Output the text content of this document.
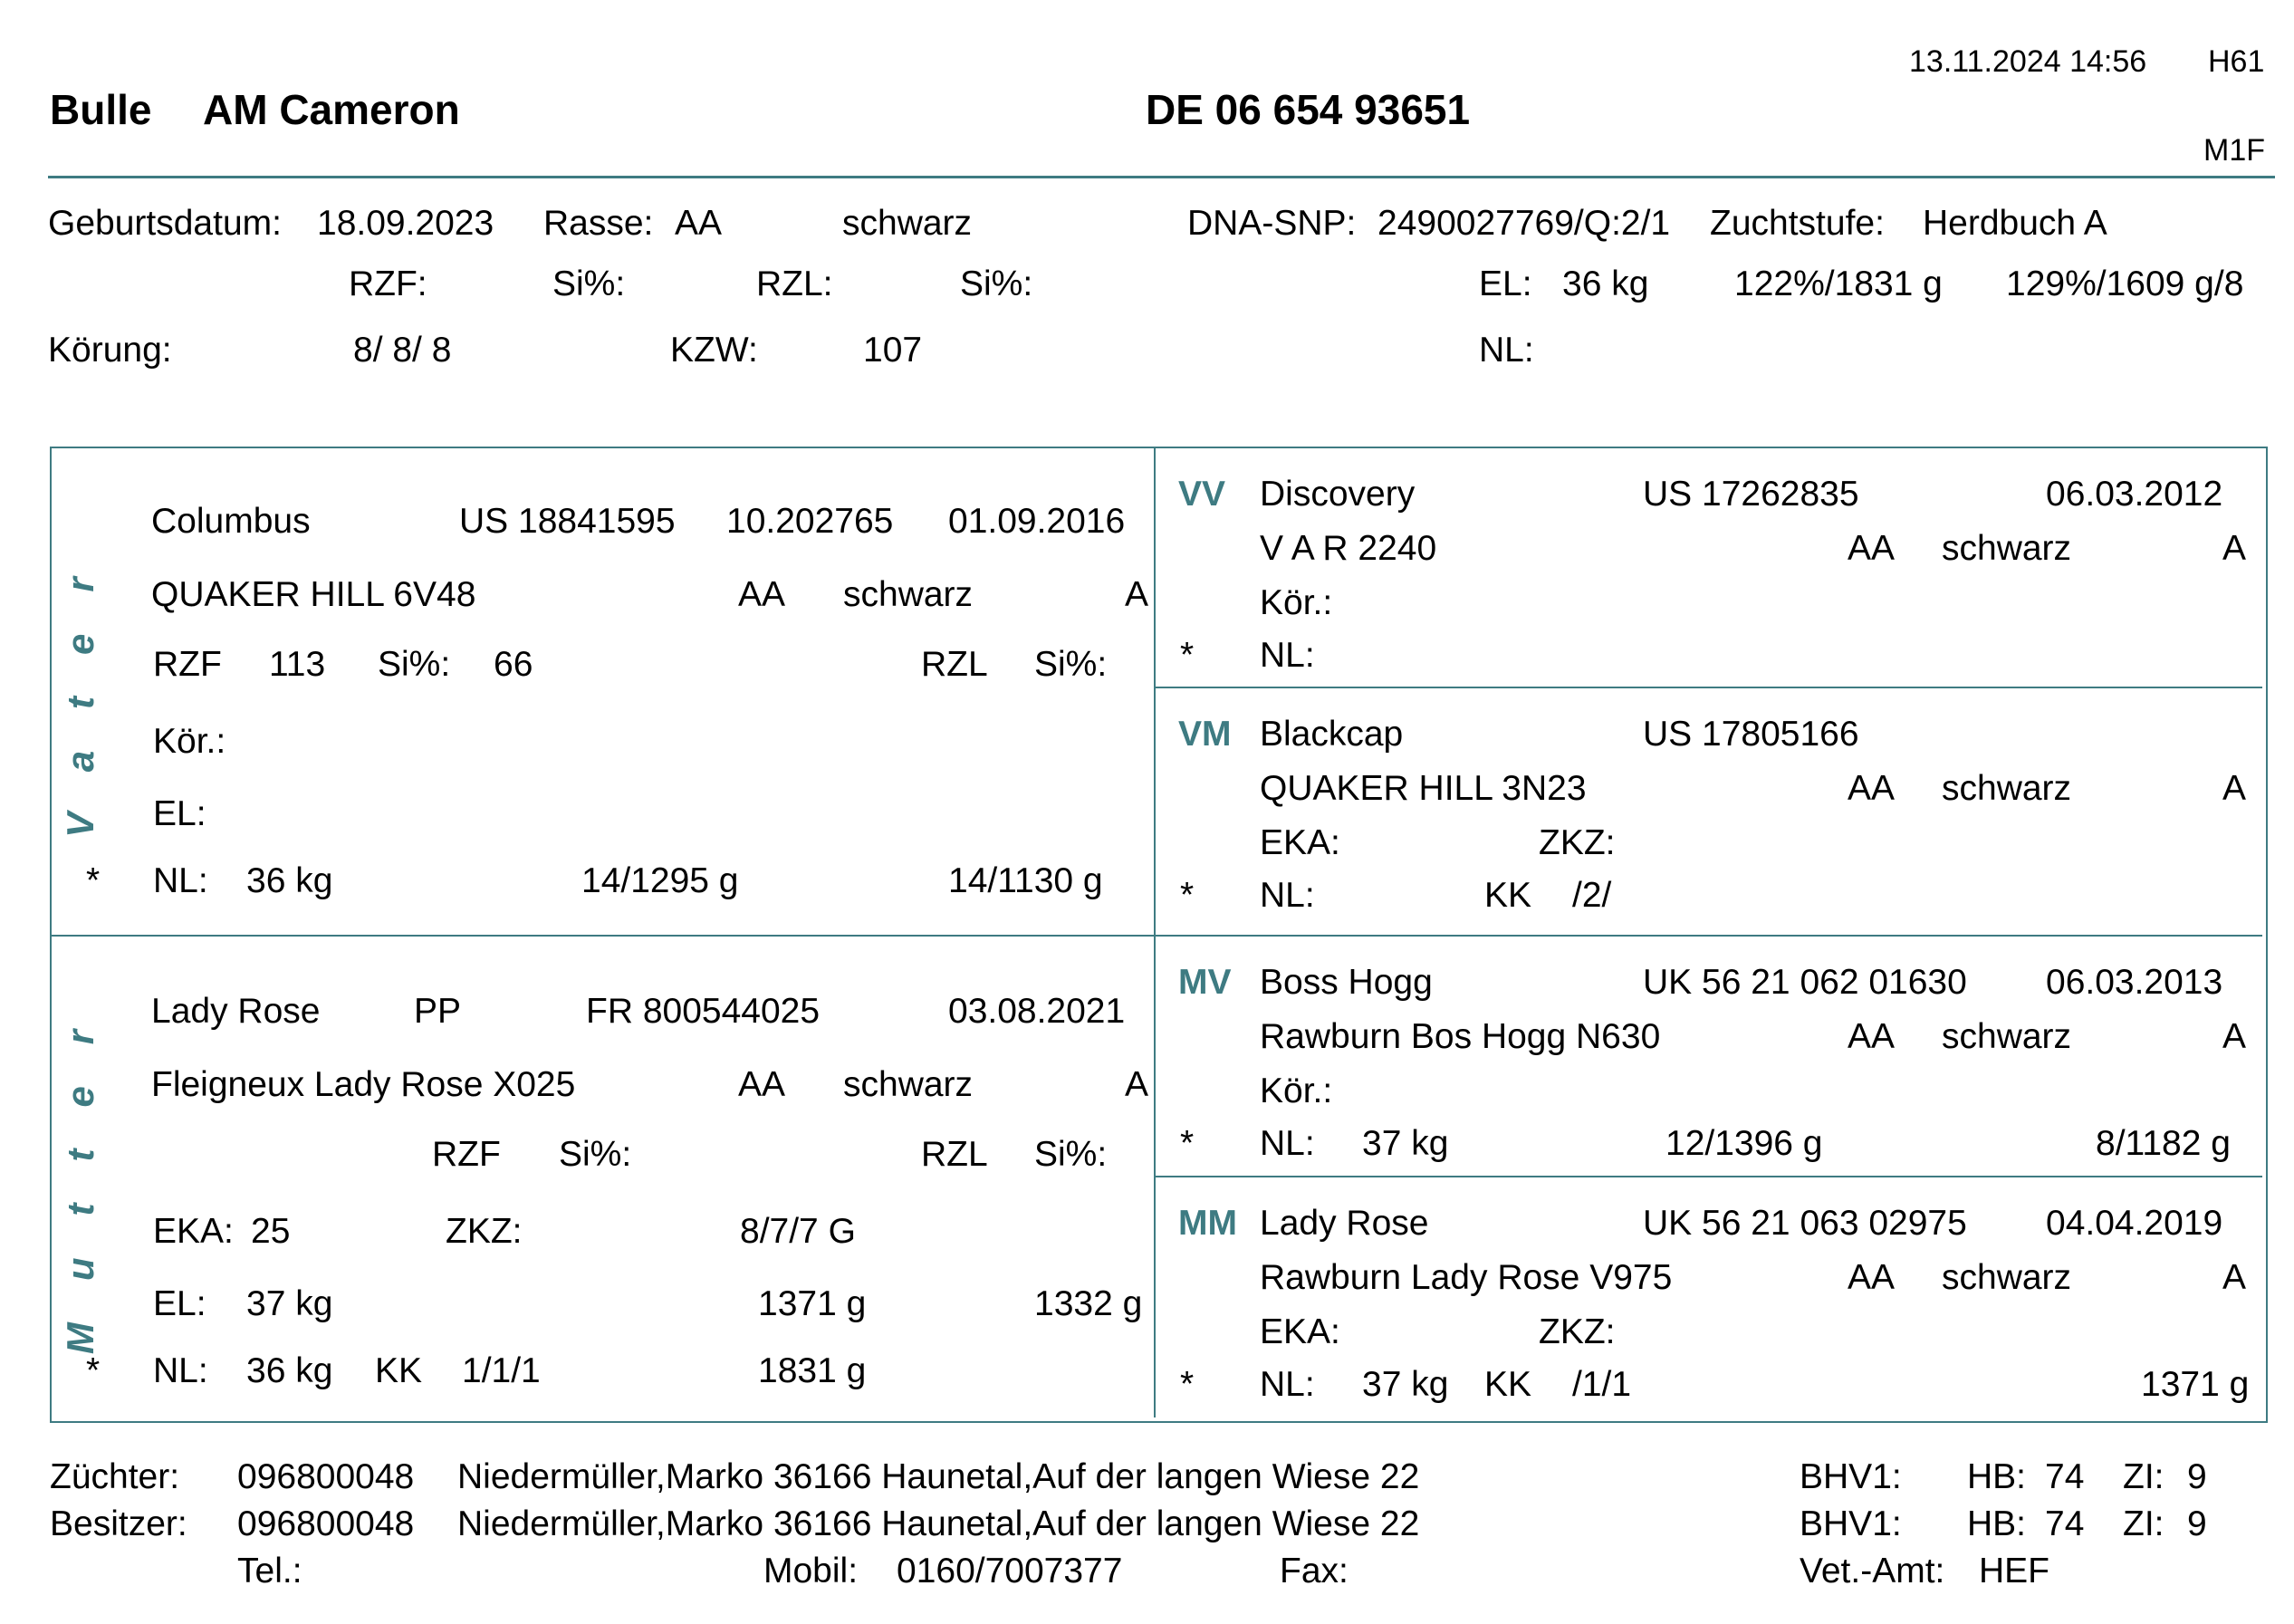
13.11.2024 14:56 H61
M1F
Bulle AM Cameron	DE 06 654 93651
Geburtsdatum: 18.09.2023 Rasse: AA	schwarz	DNA-SNP: 2490027769/Q:2/1 Zuchtstufe: Herdbuch A
RZF:	Si%:	RZL:	Si%:	EL: 36 kg 122%/1831 g 129%/1609 g/8
Körung:	8/ 8/ 8	KZW:	107	NL:
Vater
Columbus	US 18841595 10.202765 01.09.2016
QUAKER HILL 6V48	AA schwarz	A
RZF 113 Si%: 66	RZL Si%:
Kör.:
EL:
* NL: 36 kg	14/1295 g	14/1130 g
Mutter Lady Rose	PP	FR 800544025	03.08.2021
Fleigneux Lady Rose X025	AA schwarz	A
RZF Si%:	RZL Si%:
EKA: 25	ZKZ:	8/7/7 G
EL: 37 kg	1371 g	1332 g
* NL: 36 kg KK 1/1/1	1831 g
VV Discovery	US 17262835	06.03.2012
V A R 2240	AA schwarz	A
Kör.:
* NL:
VM Blackcap	US 17805166
QUAKER HILL 3N23	AA schwarz	A
EKA:	ZKZ:
* NL:	KK /2/
MV Boss Hogg	UK 56 21 062 01630 06.03.2013
Rawburn Bos Hogg N630	AA schwarz	A
Kör.:
* NL: 37 kg	12/1396 g	8/1182 g
MM Lady Rose	UK 56 21 063 02975 04.04.2019
Rawburn Lady Rose V975	AA schwarz	A
EKA:	ZKZ:
* NL: 37 kg KK /1/1	1371 g
Züchter: 096800048 Niedermüller,Marko 36166 Haunetal,Auf der langen Wiese 22	BHV1: HB: 74 ZI: 9
Besitzer: 096800048 Niedermüller,Marko 36166 Haunetal,Auf der langen Wiese 22	BHV1: HB: 74 ZI: 9
Tel.:	Mobil: 0160/7007377	Fax:	Vet.-Amt: HEF
